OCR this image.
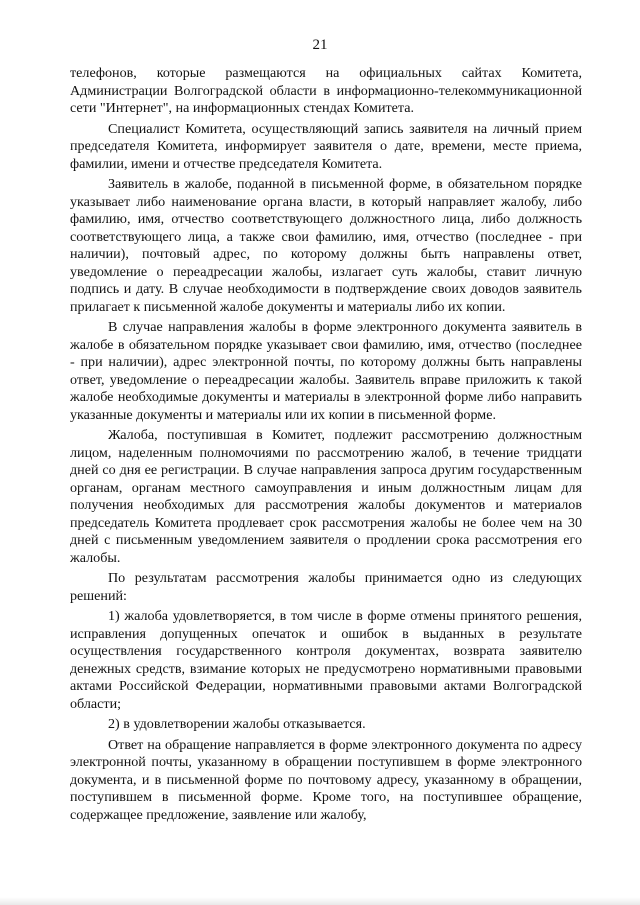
21

телефонов, которые размещаются на официальных сайтах Комитета, Администрации Волгоградской области в информационно-телекоммуникационной сети "Интернет", на информационных стендах Комитета.

Специалист Комитета, осуществляющий запись заявителя на личный прием председателя Комитета, информирует заявителя о дате, времени, месте приема, фамилии, имени и отчестве председателя Комитета.

Заявитель в жалобе, поданной в письменной форме, в обязательном порядке указывает либо наименование органа власти, в который направляет жалобу, либо фамилию, имя, отчество соответствующего должностного лица, либо должность соответствующего лица, а также свои фамилию, имя, отчество (последнее - при наличии), почтовый адрес, по которому должны быть направлены ответ, уведомление о переадресации жалобы, излагает суть жалобы, ставит личную подпись и дату. В случае необходимости в подтверждение своих доводов заявитель прилагает к письменной жалобе документы и материалы либо их копии.

В случае направления жалобы в форме электронного документа заявитель в жалобе в обязательном порядке указывает свои фамилию, имя, отчество (последнее - при наличии), адрес электронной почты, по которому должны быть направлены ответ, уведомление о переадресации жалобы. Заявитель вправе приложить к такой жалобе необходимые документы и материалы в электронной форме либо направить указанные документы и материалы или их копии в письменной форме.

Жалоба, поступившая в Комитет, подлежит рассмотрению должностным лицом, наделенным полномочиями по рассмотрению жалоб, в течение тридцати дней со дня ее регистрации. В случае направления запроса другим государственным органам, органам местного самоуправления и иным должностным лицам для получения необходимых для рассмотрения жалобы документов и материалов председатель Комитета продлевает срок рассмотрения жалобы не более чем на 30 дней с письменным уведомлением заявителя о продлении срока рассмотрения его жалобы.

По результатам рассмотрения жалобы принимается одно из следующих решений:

1) жалоба удовлетворяется, в том числе в форме отмены принятого решения, исправления допущенных опечаток и ошибок в выданных в результате осуществления государственного контроля документах, возврата заявителю денежных средств, взимание которых не предусмотрено нормативными правовыми актами Российской Федерации, нормативными правовыми актами Волгоградской области;

2) в удовлетворении жалобы отказывается.

Ответ на обращение направляется в форме электронного документа по адресу электронной почты, указанному в обращении поступившем в форме электронного документа, и в письменной форме по почтовому адресу, указанному в обращении, поступившем в письменной форме. Кроме того, на поступившее обращение, содержащее предложение, заявление или жалобу,
